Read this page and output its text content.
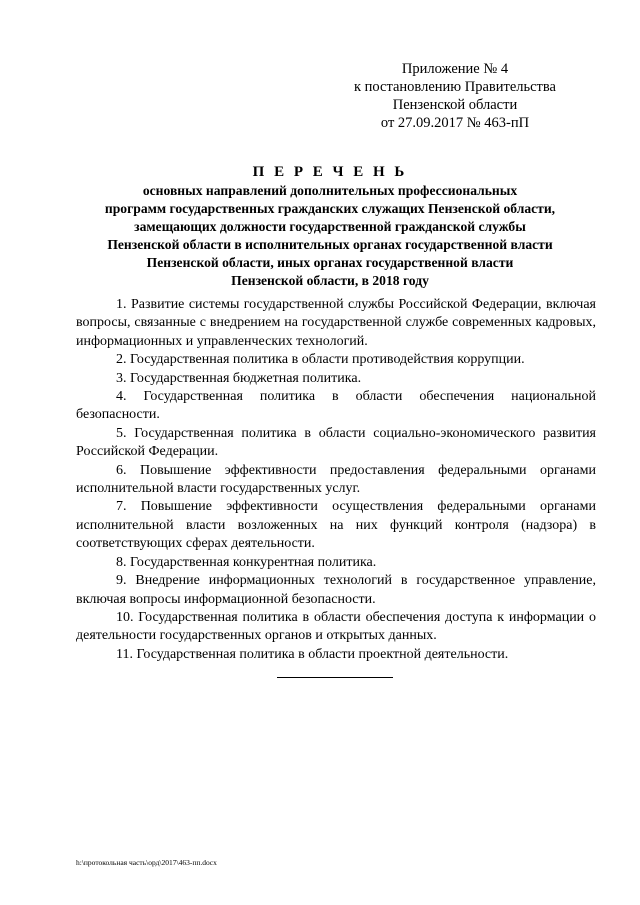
Приложение № 4
к постановлению Правительства
Пензенской области
от 27.09.2017 № 463-пП
П Е Р Е Ч Е Н Ь
основных направлений дополнительных профессиональных
программ государственных гражданских служащих Пензенской области,
замещающих должности государственной гражданской службы
Пензенской области в исполнительных органах государственной власти
Пензенской области, иных органах государственной власти
Пензенской области, в 2018 году

1. Развитие системы государственной службы Российской Федерации, включая вопросы, связанные с внедрением на государственной службе современных кадровых, информационных и управленческих технологий.

2. Государственная политика в области противодействия коррупции.

3. Государственная бюджетная политика.

4. Государственная политика в области обеспечения национальной безопасности.

5. Государственная политика в области социально-экономического развития Российской Федерации.

6. Повышение эффективности предоставления федеральными органами исполнительной власти государственных услуг.

7. Повышение эффективности осуществления федеральными органами исполнительной власти возложенных на них функций контроля (надзора) в соответствующих сферах деятельности.

8. Государственная конкурентная политика.

9. Внедрение информационных технологий в государственное управление, включая вопросы информационной безопасности.

10. Государственная политика в области обеспечения доступа к информации о деятельности государственных органов и открытых данных.

11. Государственная политика в области проектной деятельности.

h:\протокольная часть\орд\2017\463-пп.docx
